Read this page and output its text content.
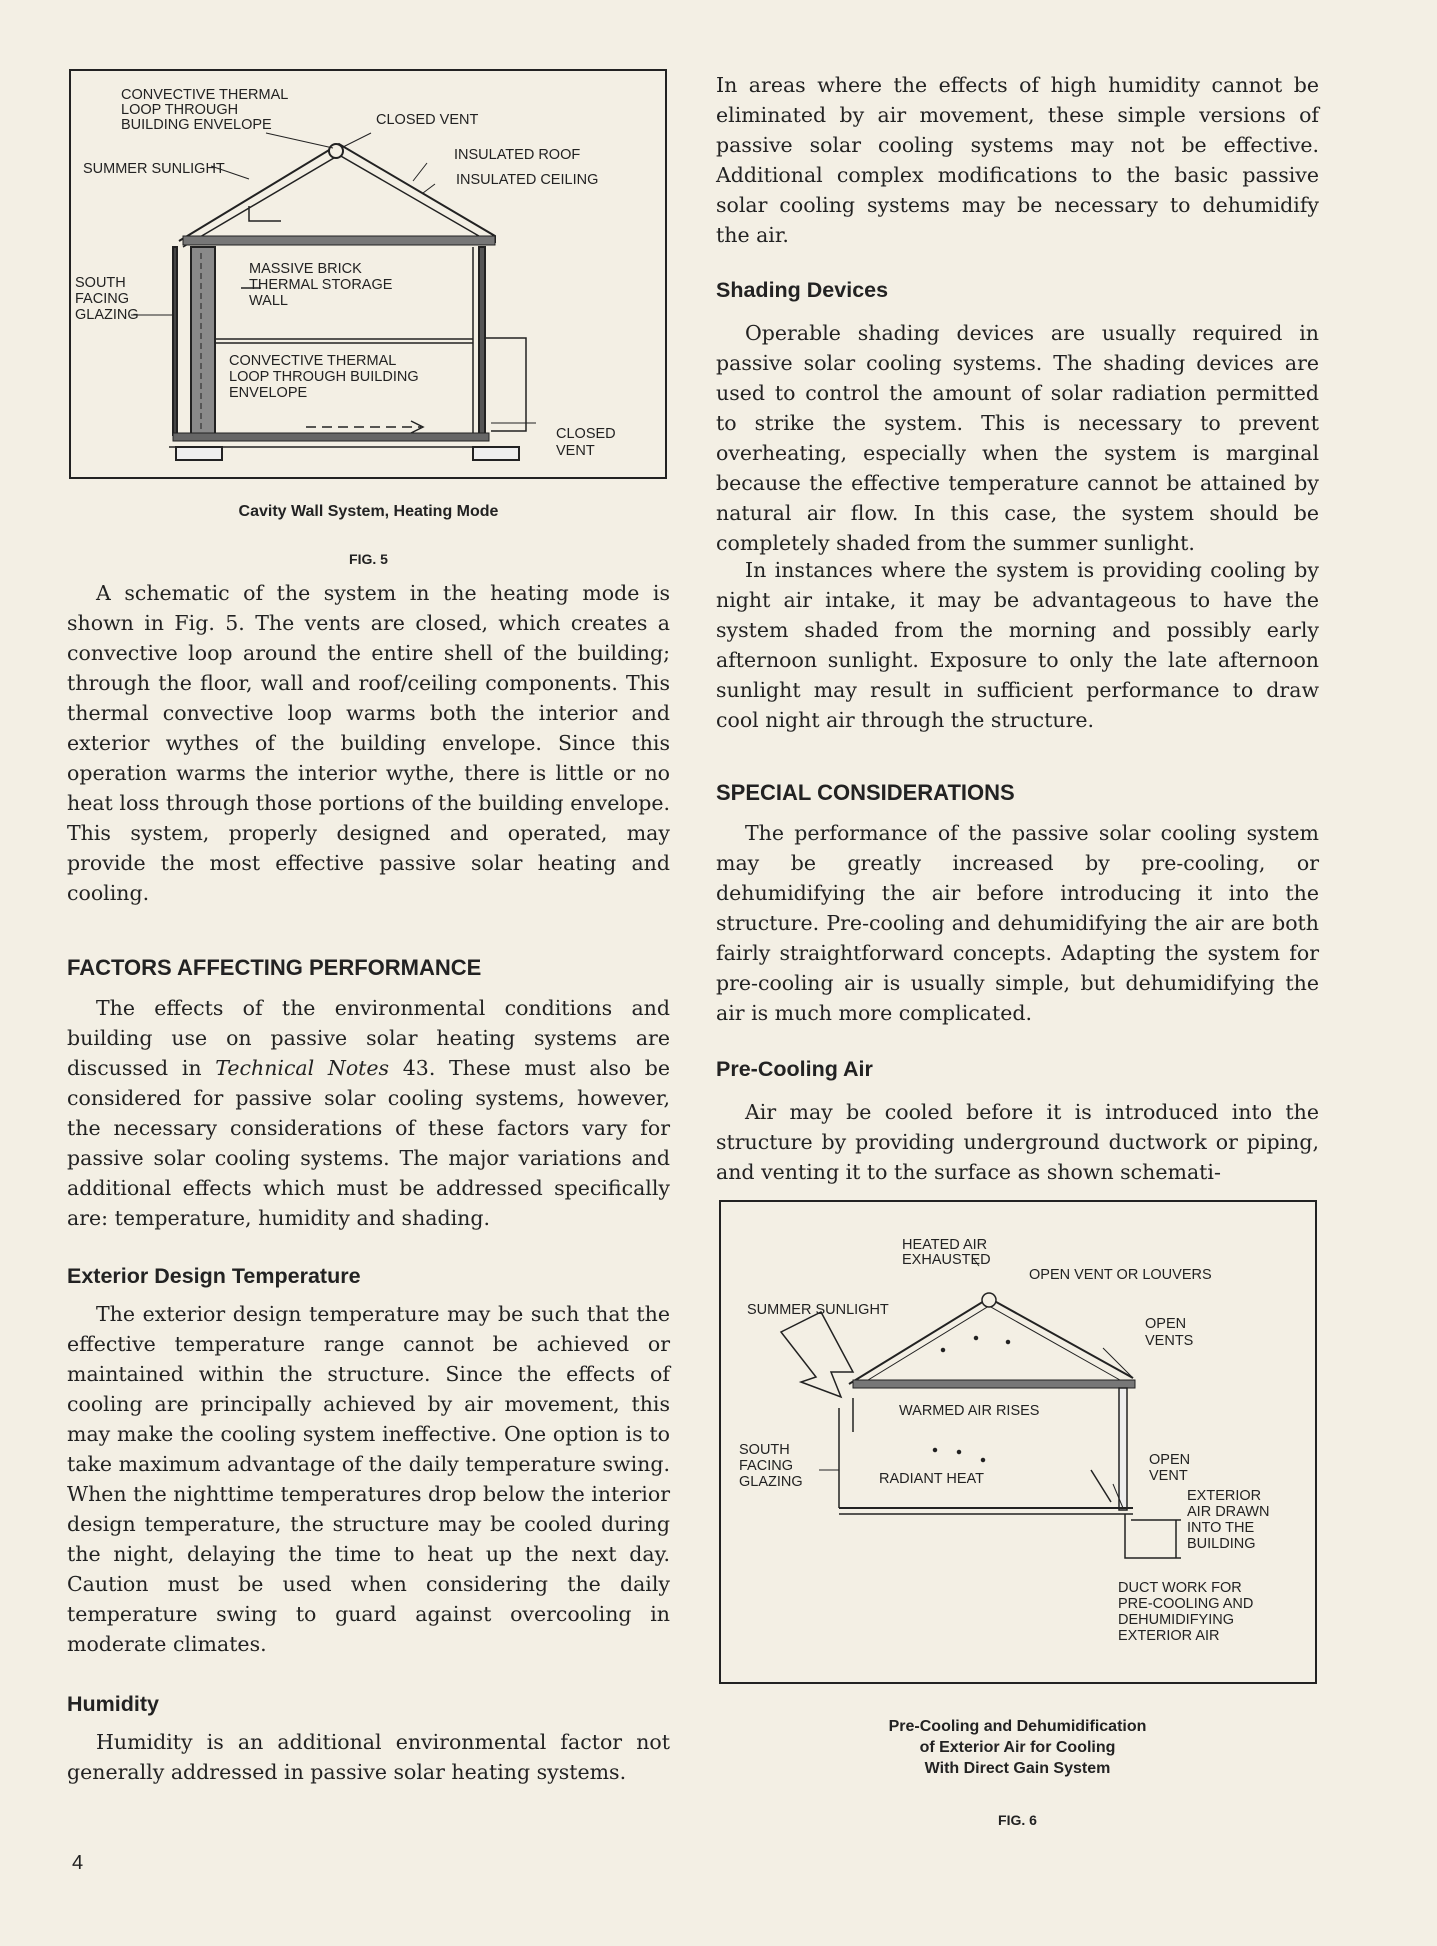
CONVECTIVE THERMAL LOOP THROUGH BUILDING ENVELOPE	CLOSED VENT
SUMMER SUNLIGHT
INSULATED ROOF
INSULATED CEILING
SOUTH FACING GLAZING
MASSIVE BRICK THERMAL STORAGE WALL
CONVECTIVE THERMAL LOOP THROUGH BUILDING ENVELOPE
CLOSED VENT
Cavity Wall System, Heating Mode
FIG. 5

A schematic of the system in the heating mode is shown in Fig. 5. The vents are closed, which creates a convective loop around the entire shell of the building; through the floor, wall and roof/ceiling components. This thermal convective loop warms both the interior and exterior wythes of the building envelope. Since this operation warms the interior wythe, there is little or no heat loss through those portions of the building envelope. This system, properly designed and operated, may provide the most effective passive solar heating and cooling.

FACTORS AFFECTING PERFORMANCE

The effects of the environmental conditions and building use on passive solar heating systems are discussed in Technical Notes 43. These must also be considered for passive solar cooling systems, however, the necessary considerations of these factors vary for passive solar cooling systems. The major variations and additional effects which must be addressed specifically are: temperature, humidity and shading.

Exterior Design Temperature

The exterior design temperature may be such that the effective temperature range cannot be achieved or maintained within the structure. Since the effects of cooling are principally achieved by air movement, this may make the cooling system ineffective. One option is to take maximum advantage of the daily temperature swing. When the nighttime temperatures drop below the interior design temperature, the structure may be cooled during the night, delaying the time to heat up the next day. Caution must be used when considering the daily temperature swing to guard against overcooling in moderate climates.

Humidity

Humidity is an additional environmental factor not generally addressed in passive solar heating systems.

In areas where the effects of high humidity cannot be eliminated by air movement, these simple versions of passive solar cooling systems may not be effective. Additional complex modifications to the basic passive solar cooling systems may be necessary to dehumidify the air.

Shading Devices

Operable shading devices are usually required in passive solar cooling systems. The shading devices are used to control the amount of solar radiation permitted to strike the system. This is necessary to prevent overheating, especially when the system is marginal because the effective temperature cannot be attained by natural air flow. In this case, the system should be completely shaded from the summer sunlight.

In instances where the system is providing cooling by night air intake, it may be advantageous to have the system shaded from the morning and possibly early afternoon sunlight. Exposure to only the late afternoon sunlight may result in sufficient performance to draw cool night air through the structure.

SPECIAL CONSIDERATIONS

The performance of the passive solar cooling system may be greatly increased by pre-cooling, or dehumidifying the air before introducing it into the structure. Pre-cooling and dehumidifying the air are both fairly straightforward concepts. Adapting the system for pre-cooling air is usually simple, but dehumidifying the air is much more complicated.

Pre-Cooling Air

Air may be cooled before it is introduced into the structure by providing underground ductwork or piping, and venting it to the surface as shown schemati-

HEATED AIR EXHAUSTED
OPEN VENT OR LOUVERS
SUMMER SUNLIGHT
OPEN VENTS
WARMED AIR RISES
SOUTH FACING GLAZING	RADIANT HEAT
OPEN VENT
EXTERIOR AIR DRAWN INTO THE BUILDING
DUCT WORK FOR PRE-COOLING AND DEHUMIDIFYING EXTERIOR AIR
Pre-Cooling and Dehumidification
of Exterior Air for Cooling
With Direct Gain System
FIG. 6
4
